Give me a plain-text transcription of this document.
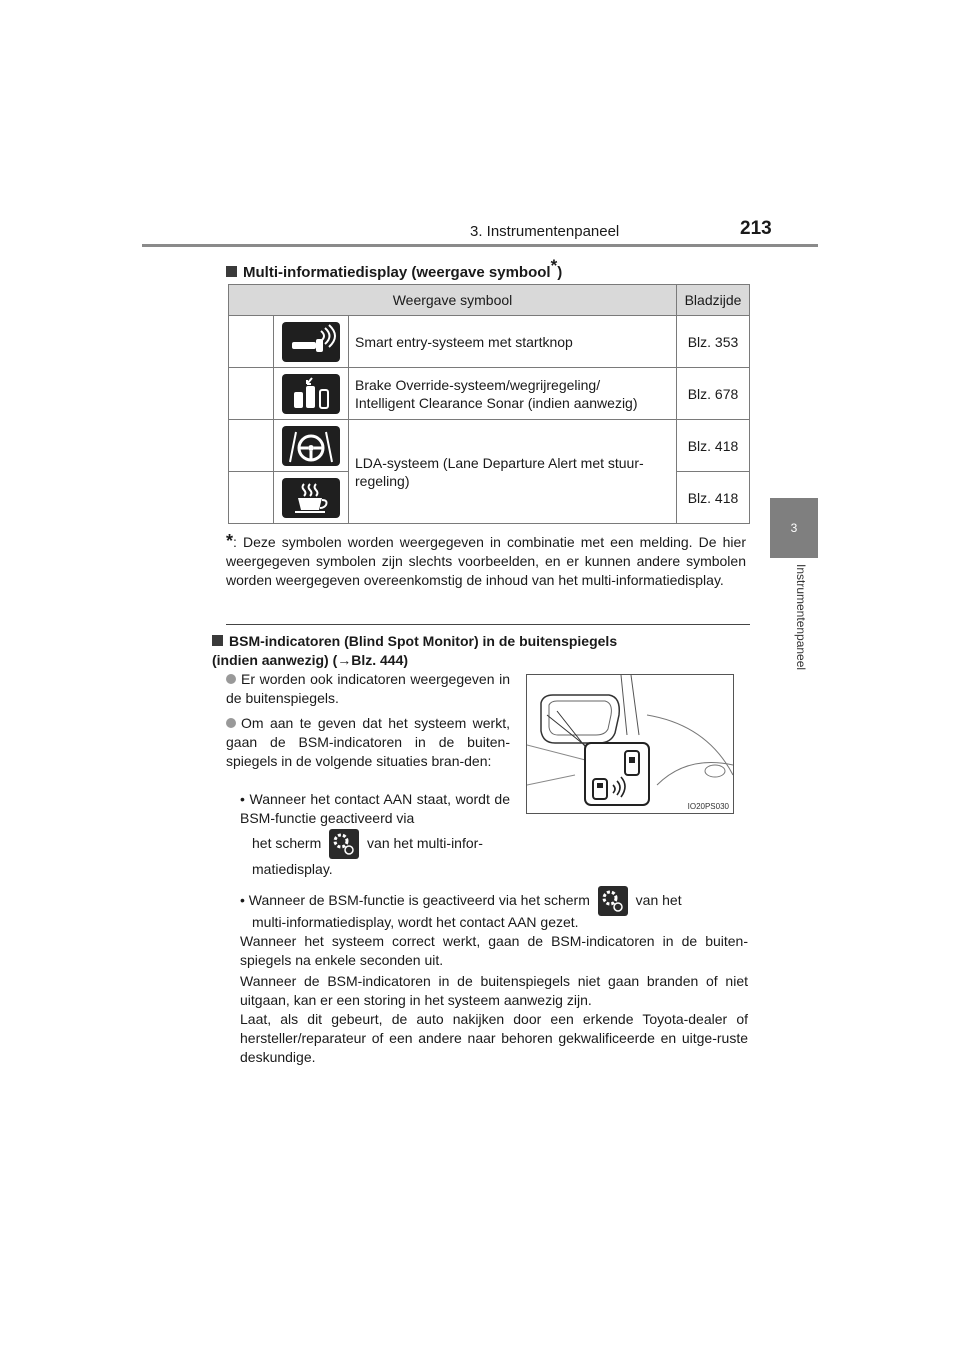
3. Instrumentenpaneel	213
3
Instrumentenpaneel
Multi-informatiedisplay (weergave symbool*)
Weergave symbool			Bladzijde

	Smart entry-systeem met startknop	Blz. 353

	Brake Override-systeem/wegrijregeling/
Intelligent Clearance Sonar (indien aanwezig)	Blz. 678

	LDA-systeem (Lane Departure Alert met stuur-
regeling)	Blz. 418

	Blz. 418
*: Deze symbolen worden weergegeven in combinatie met een melding. De hier weergegeven symbolen zijn slechts voorbeelden, en er kunnen andere symbolen worden weergegeven overeenkomstig de inhoud van het multi-informatiedisplay.
BSM-indicatoren (Blind Spot Monitor) in de buitenspiegels
(indien aanwezig) (→Blz. 444)
Er worden ook indicatoren weergegeven in de buitenspiegels.
Om aan te geven dat het systeem werkt, gaan de BSM-indicatoren in de buiten-spiegels in de volgende situaties bran-den:
• Wanneer het contact AAN staat, wordt de BSM-functie geactiveerd via
het scherm	van het multi-infor-
matiedisplay.
• Wanneer de BSM-functie is geactiveerd via het scherm	van het
multi-informatiedisplay, wordt het contact AAN gezet.
Wanneer het systeem correct werkt, gaan de BSM-indicatoren in de buiten-spiegels na enkele seconden uit.
Wanneer de BSM-indicatoren in de buitenspiegels niet gaan branden of niet uitgaan, kan er een storing in het systeem aanwezig zijn.
Laat, als dit gebeurt, de auto nakijken door een erkende Toyota-dealer of hersteller/reparateur of een andere naar behoren gekwalificeerde en uitge-ruste deskundige.
IO20PS030
